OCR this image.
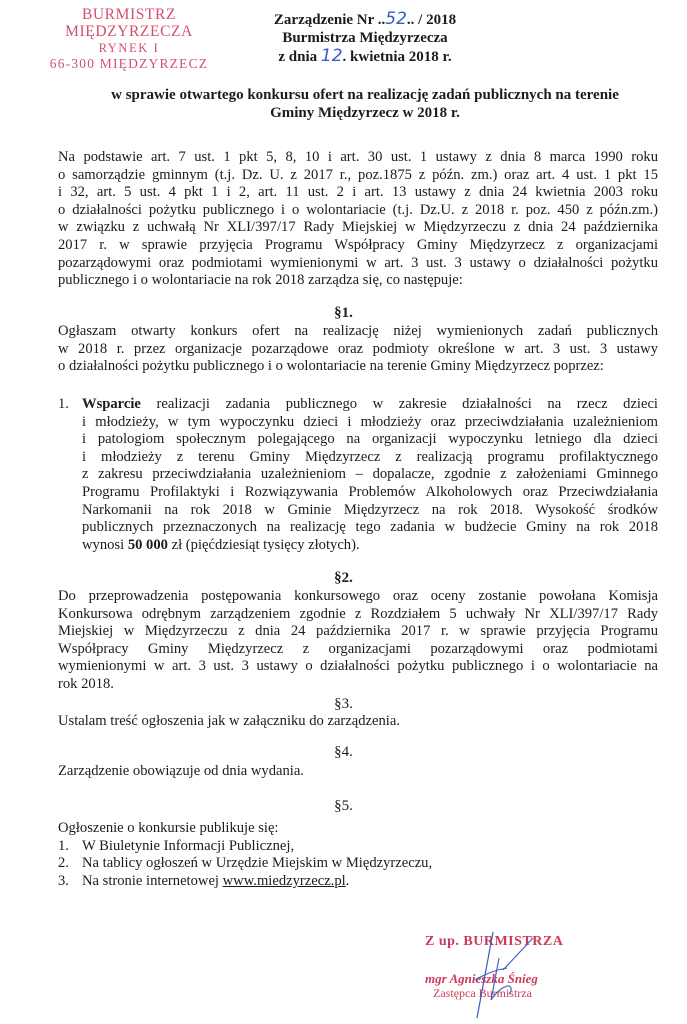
BURMISTRZ MIĘDZYRZECZA
RYNEK I
66-300 MIĘDZYRZECZ
Zarządzenie Nr ..52.. / 2018
Burmistrza Międzyrzecza
z dnia 12. kwietnia 2018 r.
w sprawie otwartego konkursu ofert na realizację zadań publicznych na terenie
Gminy Międzyrzecz w 2018 r.
Na podstawie art. 7 ust. 1 pkt 5, 8, 10 i art. 30 ust. 1 ustawy z dnia 8 marca 1990 roku
o samorządzie gminnym (t.j. Dz. U. z 2017 r., poz.1875 z późn. zm.) oraz art. 4 ust. 1 pkt 15
i 32, art. 5 ust. 4 pkt 1 i 2, art. 11 ust. 2 i art. 13 ustawy z dnia 24 kwietnia 2003 roku
o działalności pożytku publicznego i o wolontariacie (t.j. Dz.U. z 2018 r. poz. 450 z późn.zm.)
w związku z uchwałą Nr XLI/397/17 Rady Miejskiej w Międzyrzeczu z dnia 24 października
2017 r. w sprawie przyjęcia Programu Współpracy Gminy Międzyrzecz z organizacjami
pozarządowymi oraz podmiotami wymienionymi w art. 3 ust. 3 ustawy o działalności pożytku
publicznego i o wolontariacie na rok 2018 zarządza się, co następuje:
§1.
Ogłaszam otwarty konkurs ofert na realizację niżej wymienionych zadań publicznych
w 2018 r. przez organizacje pozarządowe oraz podmioty określone w art. 3 ust. 3 ustawy
o działalności pożytku publicznego i o wolontariacie na terenie Gminy Międzyrzecz poprzez:
1. Wsparcie realizacji zadania publicznego w zakresie działalności na rzecz dzieci
i młodzieży, w tym wypoczynku dzieci i młodzieży oraz przeciwdziałania uzależnieniom
i patologiom społecznym polegającego na organizacji wypoczynku letniego dla dzieci
i młodzieży z terenu Gminy Międzyrzecz z realizacją programu profilaktycznego
z zakresu przeciwdziałania uzależnieniom – dopalacze, zgodnie z założeniami Gminnego
Programu Profilaktyki i Rozwiązywania Problemów Alkoholowych oraz Przeciwdziałania
Narkomanii na rok 2018 w Gminie Międzyrzecz na rok 2018. Wysokość środków
publicznych przeznaczonych na realizację tego zadania w budżecie Gminy na rok 2018
wynosi 50 000 zł (pięćdziesiąt tysięcy złotych).
§2.
Do przeprowadzenia postępowania konkursowego oraz oceny zostanie powołana Komisja
Konkursowa odrębnym zarządzeniem zgodnie z Rozdziałem 5 uchwały Nr XLI/397/17 Rady
Miejskiej w Międzyrzeczu z dnia 24 października 2017 r. w sprawie przyjęcia Programu
Współpracy Gminy Międzyrzecz z organizacjami pozarządowymi oraz podmiotami
wymienionymi w art. 3 ust. 3 ustawy o działalności pożytku publicznego i o wolontariacie na
rok 2018.
§3.
Ustalam treść ogłoszenia jak w załączniku do zarządzenia.
§4.
Zarządzenie obowiązuje od dnia wydania.
§5.
Ogłoszenie o konkursie publikuje się:
1. W Biuletynie Informacji Publicznej,
2. Na tablicy ogłoszeń w Urzędzie Miejskim w Międzyrzeczu,
3. Na stronie internetowej www.miedzyrzecz.pl.
Z up. BURMISTRZA
mgr Agnieszka Śnieg
Zastępca Burmistrza
